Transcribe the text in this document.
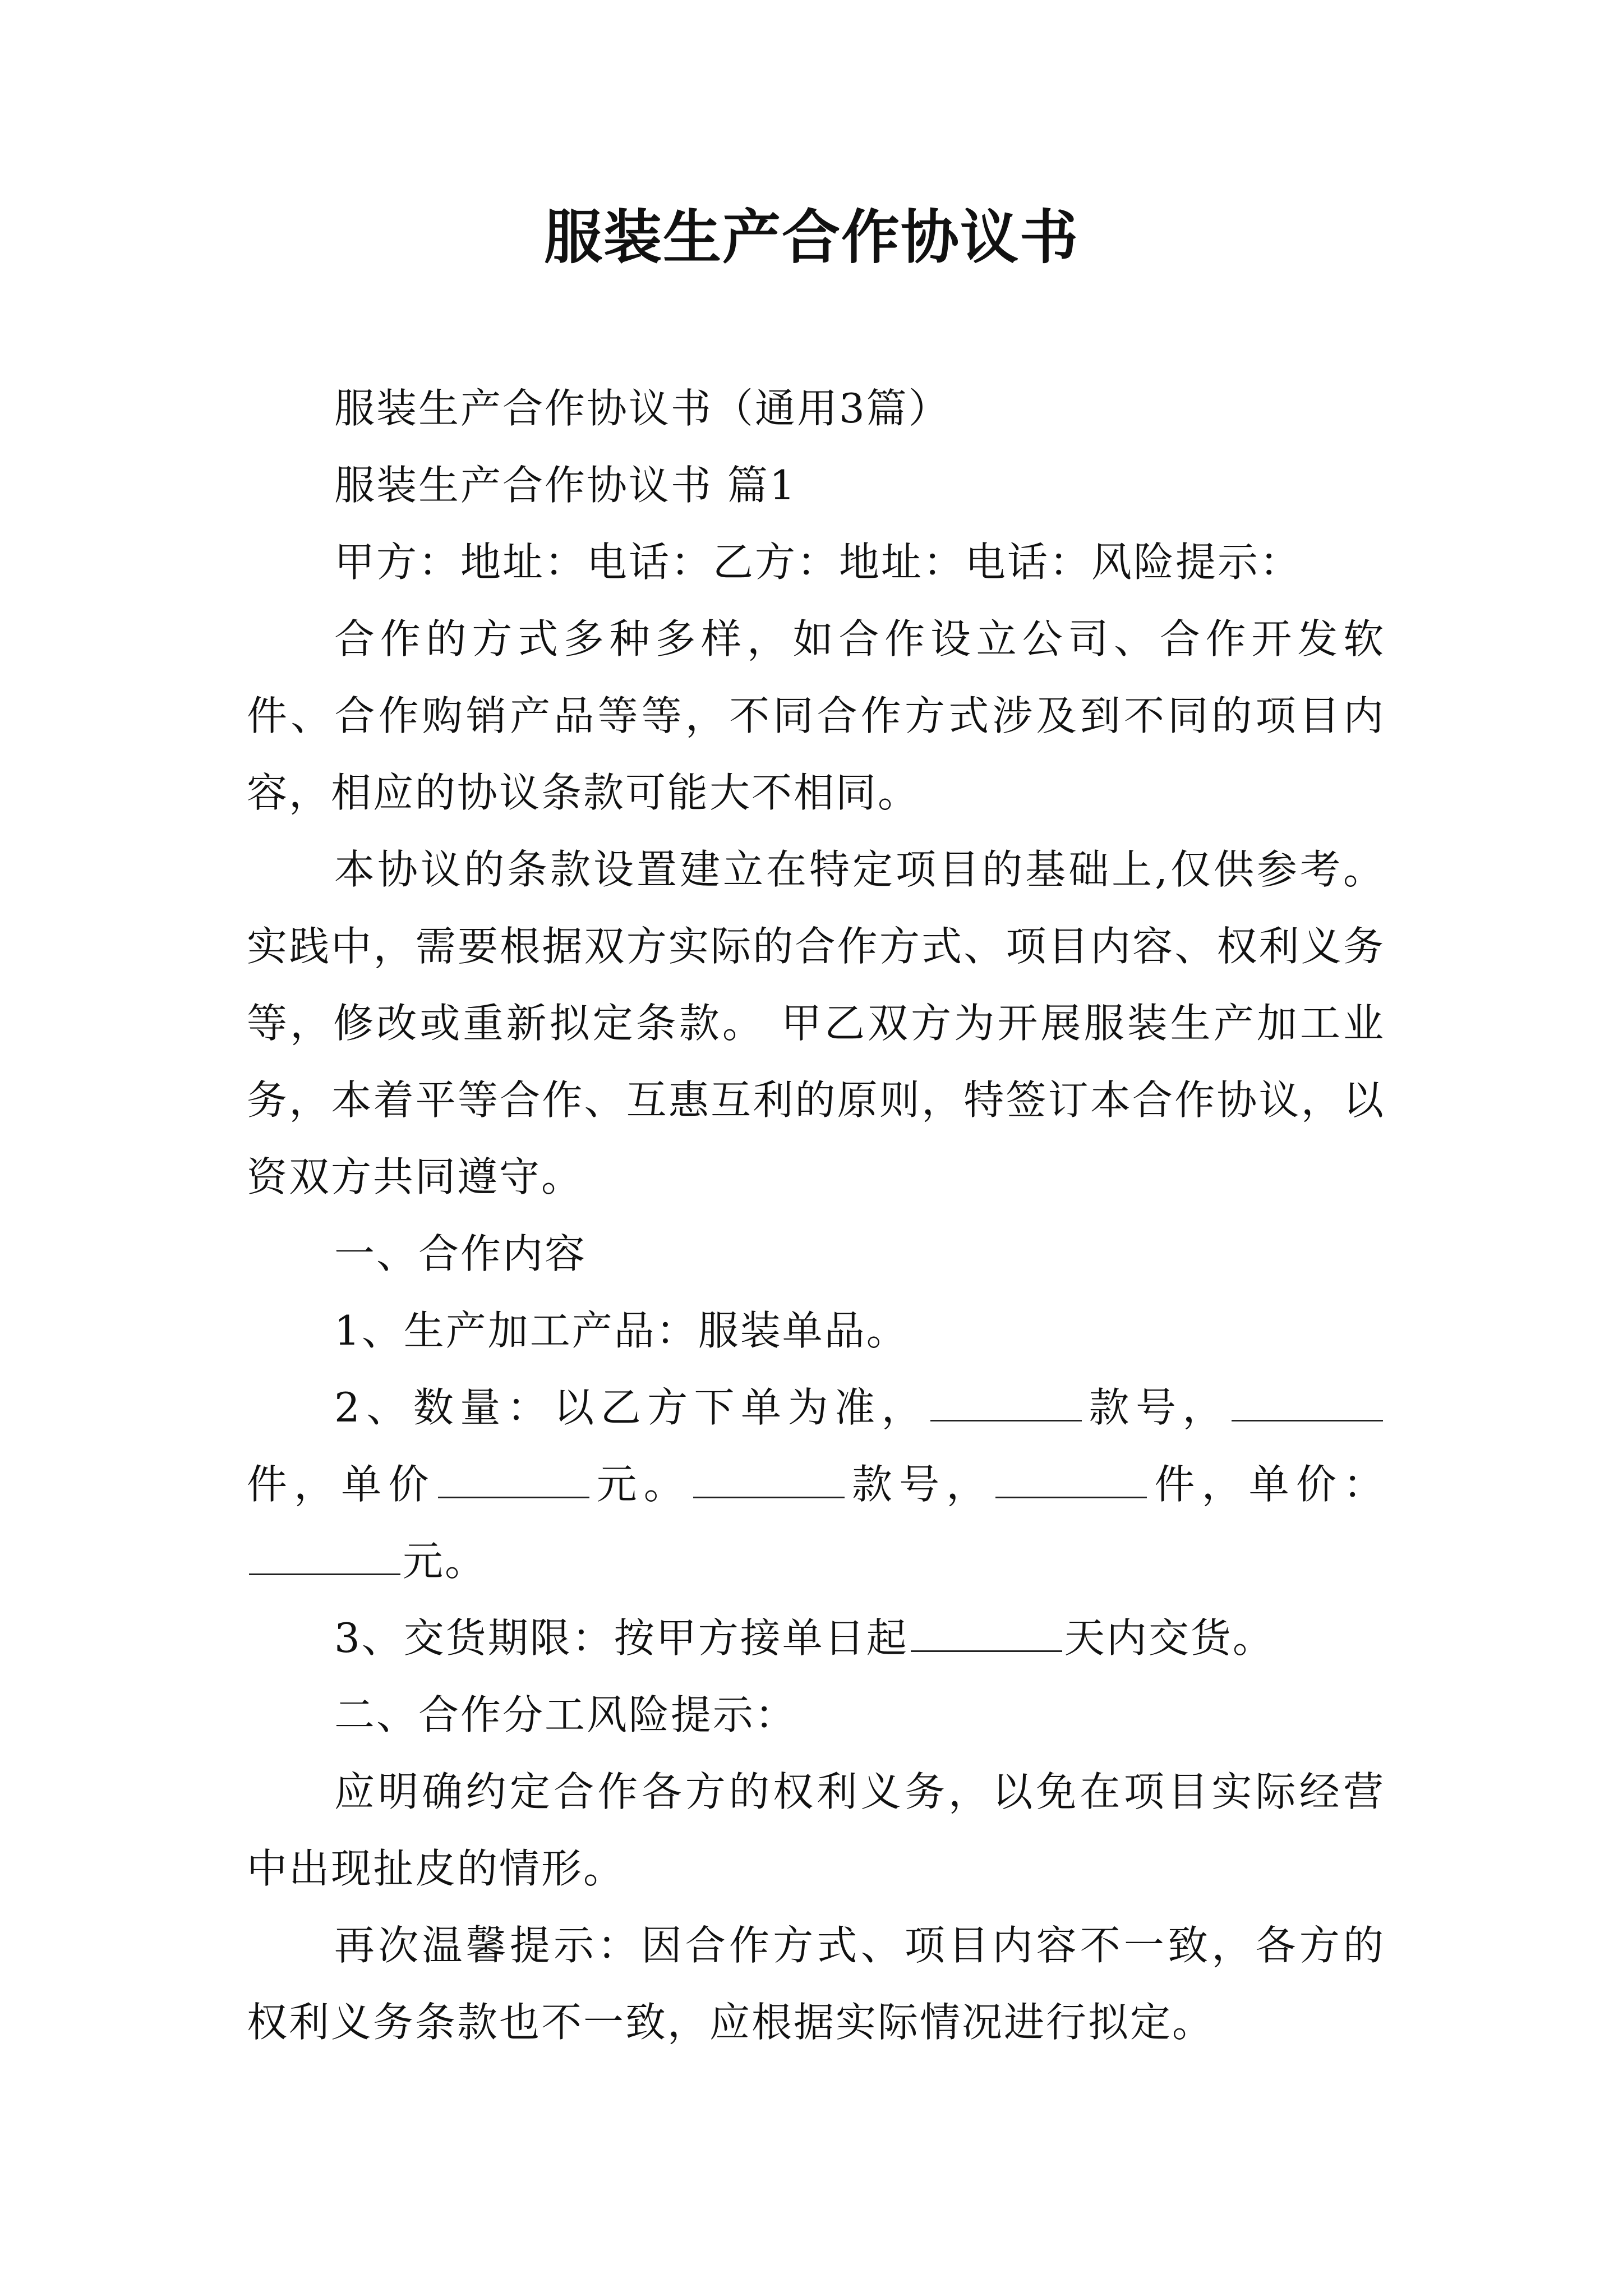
服装生产合作协议书

服装生产合作协议书（通用3篇）

服装生产合作协议书 篇1

甲方：地址：电话：乙方：地址：电话：风险提示：

合作的方式多种多样，如合作设立公司、合作开发软件、合作购销产品等等，不同合作方式涉及到不同的项目内容，相应的协议条款可能大不相同。

本协议的条款设置建立在特定项目的基础上,仅供参考。实践中，需要根据双方实际的合作方式、项目内容、权利义务等，修改或重新拟定条款。 甲乙双方为开展服装生产加工业务，本着平等合作、互惠互利的原则，特签订本合作协议，以资双方共同遵守。

一、合作内容

1、生产加工产品：服装单品。

2、数量：以乙方下单为准，	款号，件，单价	元。	款号，	件，单价：元。

3、交货期限：按甲方接单日起	天内交货。

二、合作分工风险提示：

应明确约定合作各方的权利义务，以免在项目实际经营中出现扯皮的情形。

再次温馨提示：因合作方式、项目内容不一致，各方的权利义务条款也不一致，应根据实际情况进行拟定。
